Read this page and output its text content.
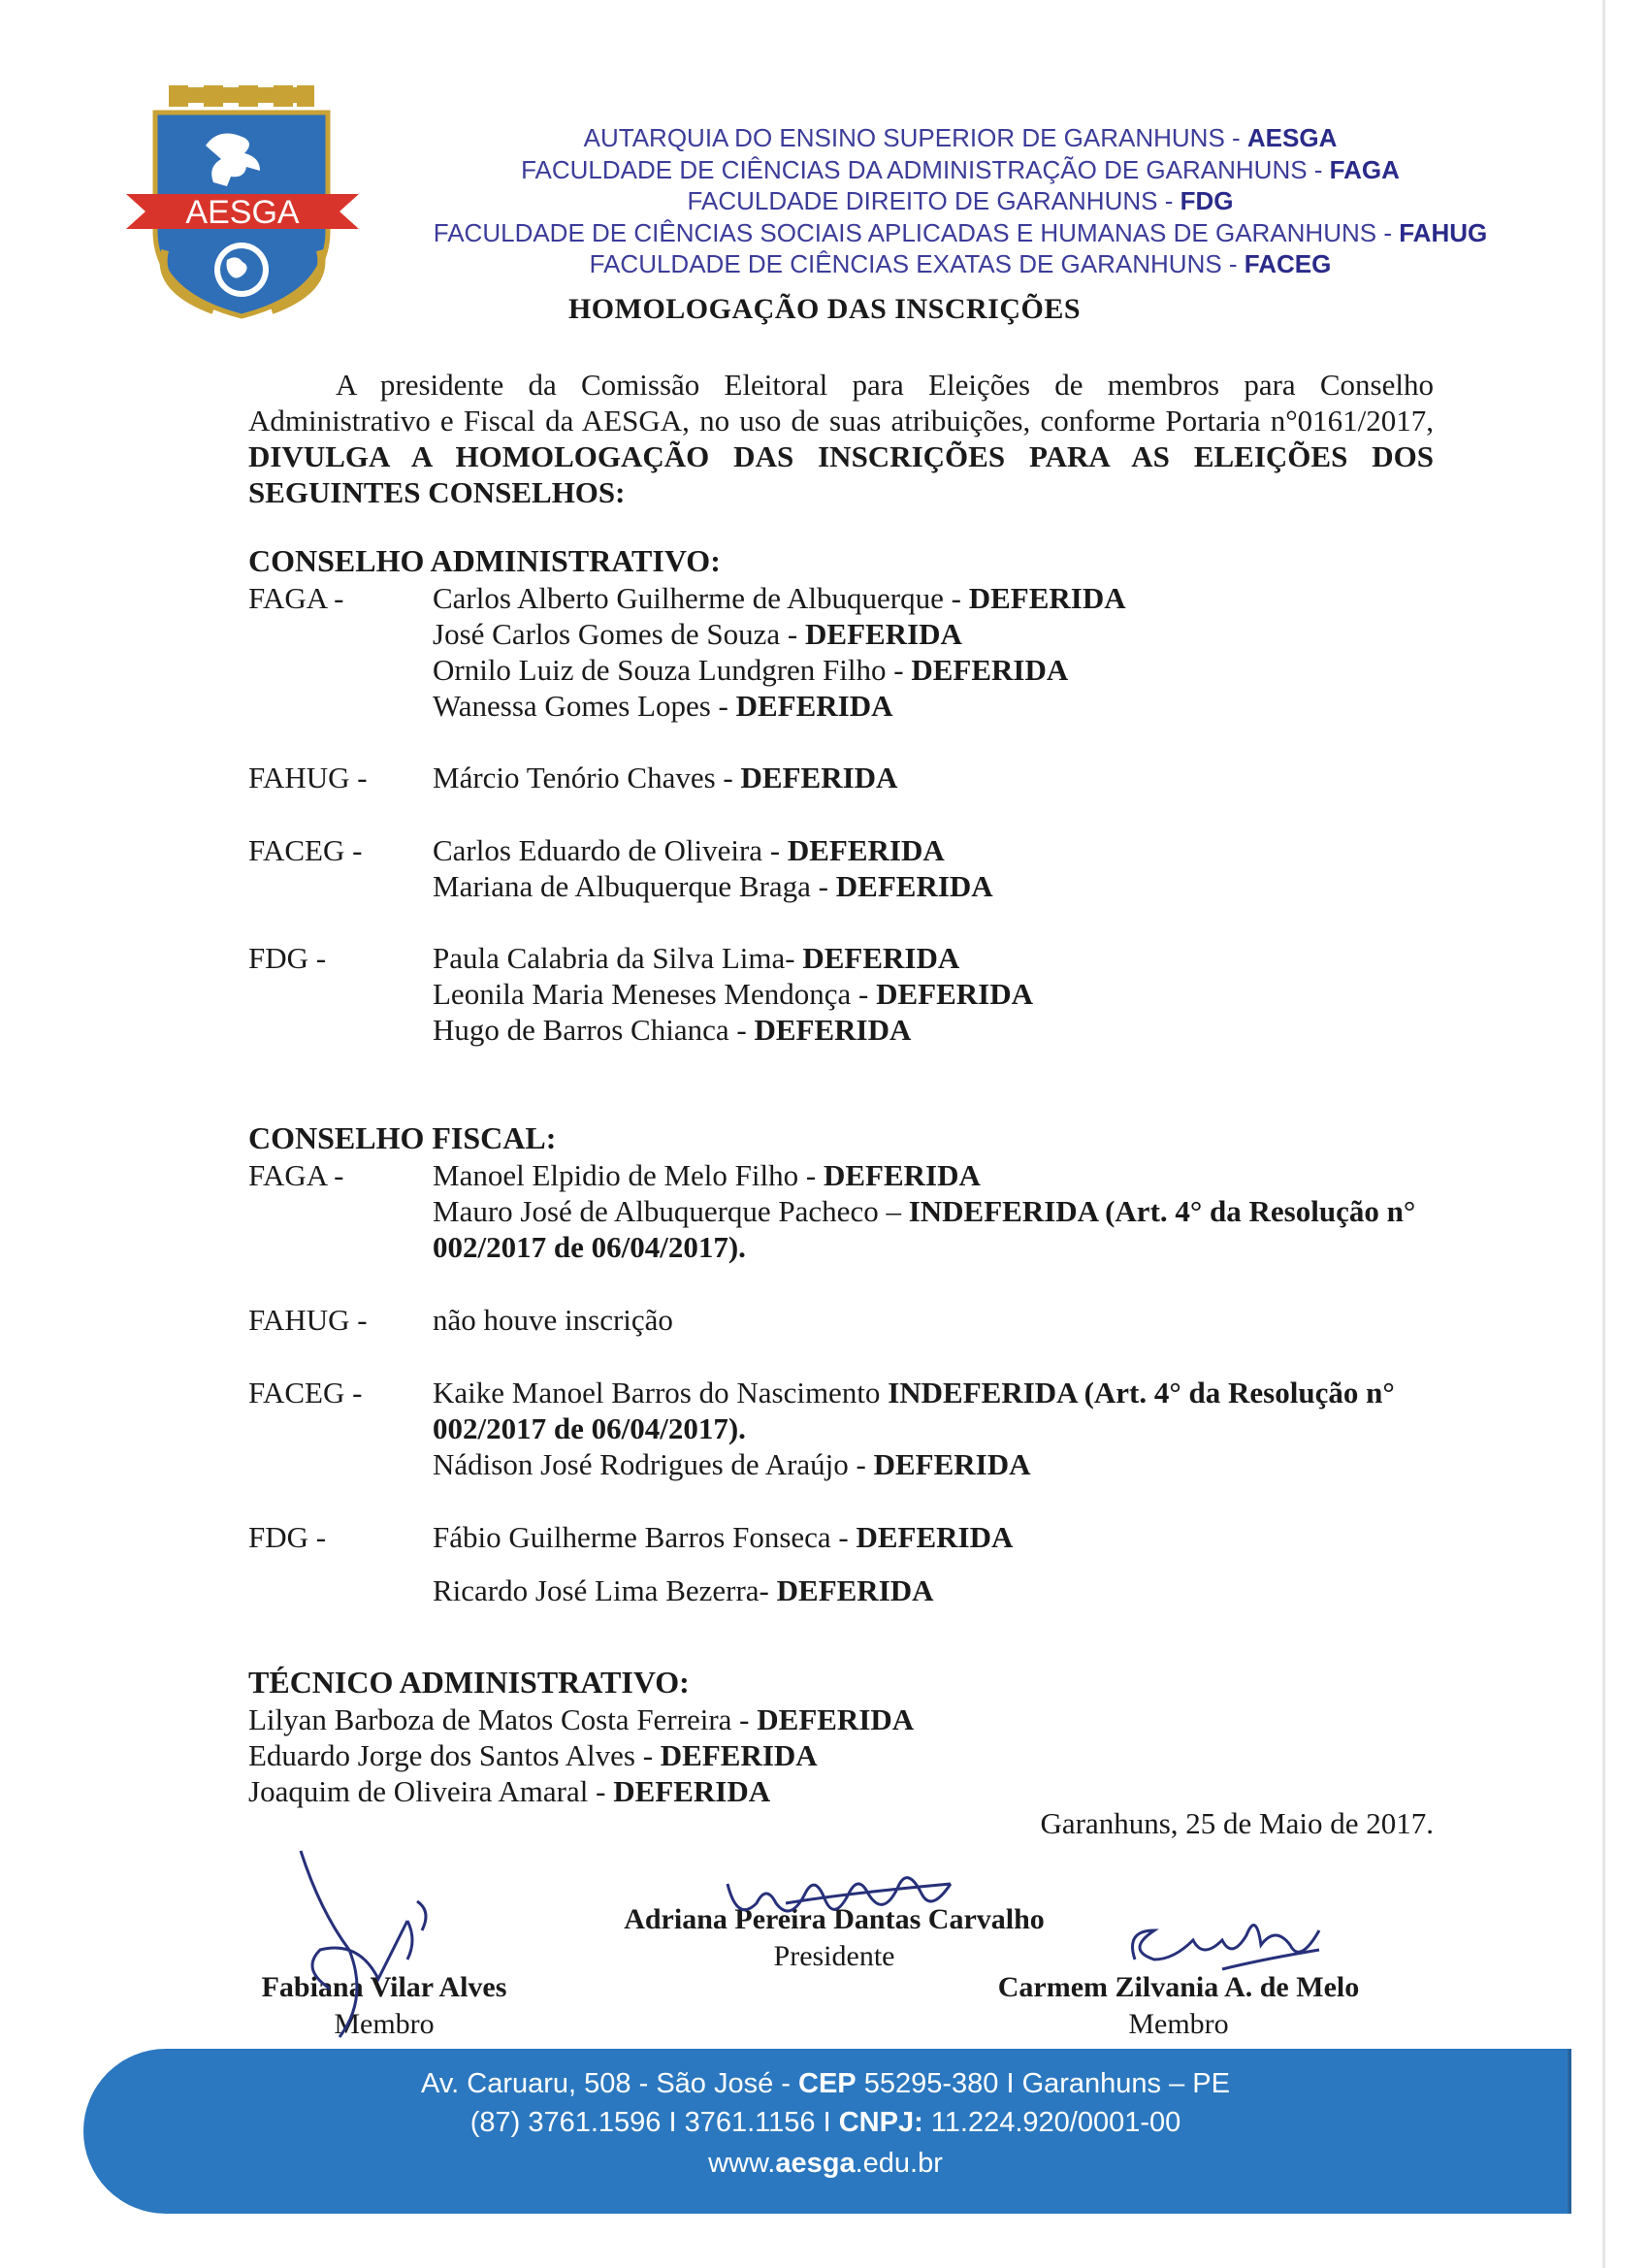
AESGA
AUTARQUIA DO ENSINO SUPERIOR DE GARANHUNS - AESGA
FACULDADE DE CIÊNCIAS DA ADMINISTRAÇÃO DE GARANHUNS - FAGA
FACULDADE DIREITO DE GARANHUNS - FDG
FACULDADE DE CIÊNCIAS SOCIAIS APLICADAS E HUMANAS DE GARANHUNS - FAHUG
FACULDADE DE CIÊNCIAS EXATAS DE GARANHUNS - FACEG
HOMOLOGAÇÃO DAS INSCRIÇÕES
A presidente da Comissão Eleitoral para Eleições de membros para Conselho Administrativo e Fiscal da AESGA, no uso de suas atribuições, conforme Portaria n°0161/2017, DIVULGA A HOMOLOGAÇÃO DAS INSCRIÇÕES PARA AS ELEIÇÕES DOS SEGUINTES CONSELHOS:
CONSELHO ADMINISTRATIVO:
FAGA -	Carlos Alberto Guilherme de Albuquerque - DEFERIDA
José Carlos Gomes de Souza - DEFERIDA
Ornilo Luiz de Souza Lundgren Filho - DEFERIDA
Wanessa Gomes Lopes - DEFERIDA
FAHUG -	Márcio Tenório Chaves - DEFERIDA
FACEG -	Carlos Eduardo de Oliveira - DEFERIDA
Mariana de Albuquerque Braga - DEFERIDA
FDG -	Paula Calabria da Silva Lima- DEFERIDA
Leonila Maria Meneses Mendonça - DEFERIDA
Hugo de Barros Chianca - DEFERIDA
CONSELHO FISCAL:
FAGA -	Manoel Elpidio de Melo Filho - DEFERIDA
Mauro José de Albuquerque Pacheco – INDEFERIDA (Art. 4° da Resolução n° 002/2017 de 06/04/2017).
FAHUG -	não houve inscrição
FACEG -	Kaike Manoel Barros do Nascimento INDEFERIDA (Art. 4° da Resolução n° 002/2017 de 06/04/2017).
Nádison José Rodrigues de Araújo - DEFERIDA
FDG -	Fábio Guilherme Barros Fonseca - DEFERIDA
Ricardo José Lima Bezerra- DEFERIDA
TÉCNICO ADMINISTRATIVO:
Lilyan Barboza de Matos Costa Ferreira - DEFERIDA
Eduardo Jorge dos Santos Alves - DEFERIDA
Joaquim de Oliveira Amaral - DEFERIDA
Garanhuns, 25 de Maio de 2017.
Adriana Pereira Dantas Carvalho
Presidente
Fabiana Vilar Alves
Membro
Carmem Zilvania A. de Melo
Membro
Av. Caruaru, 508 - São José - CEP 55295-380 I Garanhuns – PE
(87) 3761.1596 I 3761.1156 I CNPJ: 11.224.920/0001-00
www.aesga.edu.br
